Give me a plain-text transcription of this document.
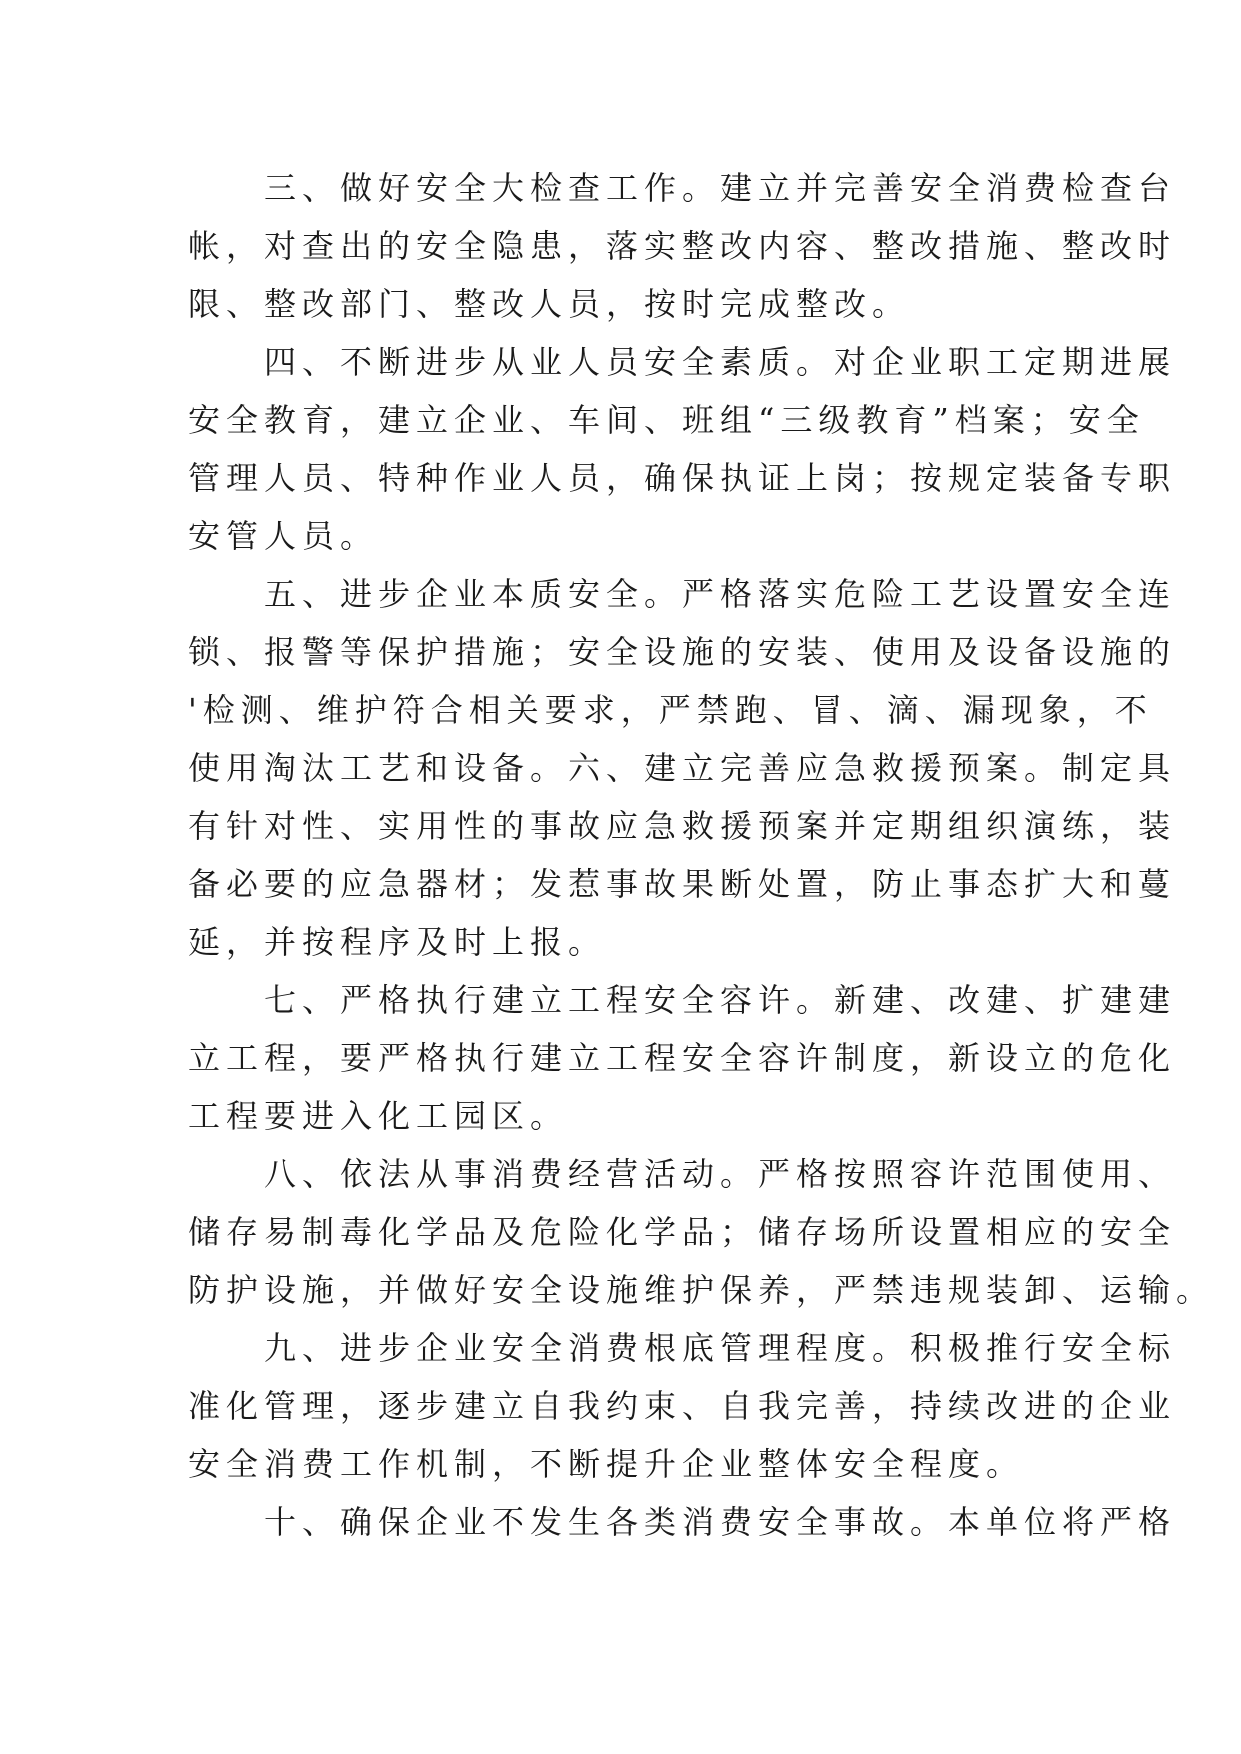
　　三、做好安全大检查工作。建立并完善安全消费检查台
帐，对查出的安全隐患，落实整改内容、整改措施、整改时
限、整改部门、整改人员，按时完成整改。
　　四、不断进步从业人员安全素质。对企业职工定期进展
安全教育，建立企业、车间、班组“三级教育”档案；安全
管理人员、特种作业人员，确保执证上岗；按规定装备专职
安管人员。
　　五、进步企业本质安全。严格落实危险工艺设置安全连
锁、报警等保护措施；安全设施的安装、使用及设备设施的
'检测、维护符合相关要求，严禁跑、冒、滴、漏现象，不
使用淘汰工艺和设备。六、建立完善应急救援预案。制定具
有针对性、实用性的事故应急救援预案并定期组织演练，装
备必要的应急器材；发惹事故果断处置，防止事态扩大和蔓
延，并按程序及时上报。
　　七、严格执行建立工程安全容许。新建、改建、扩建建
立工程，要严格执行建立工程安全容许制度，新设立的危化
工程要进入化工园区。
　　八、依法从事消费经营活动。严格按照容许范围使用、
储存易制毒化学品及危险化学品；储存场所设置相应的安全
防护设施，并做好安全设施维护保养，严禁违规装卸、运输。
　　九、进步企业安全消费根底管理程度。积极推行安全标
准化管理，逐步建立自我约束、自我完善，持续改进的企业
安全消费工作机制，不断提升企业整体安全程度。
　　十、确保企业不发生各类消费安全事故。本单位将严格
